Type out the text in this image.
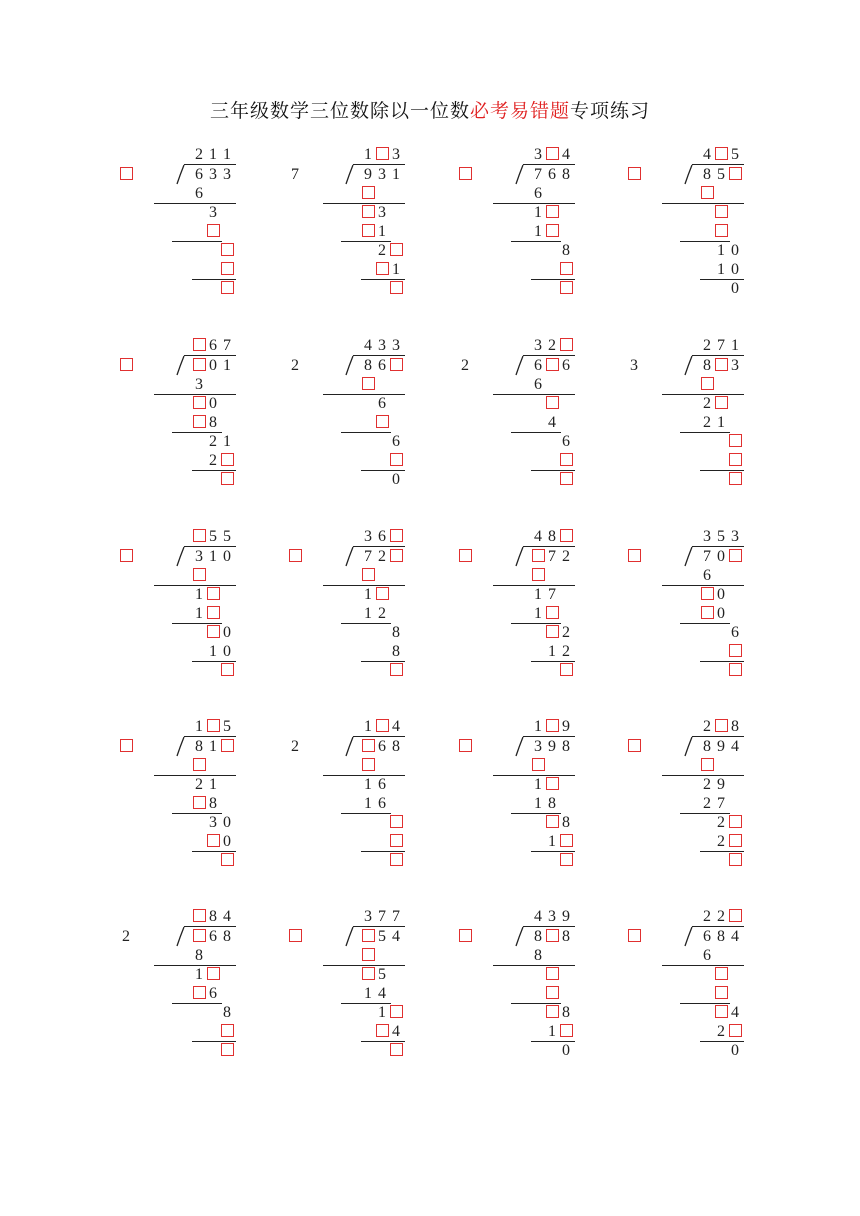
三年级数学三位数除以一位数必考易错题专项练习
2 1 1
6 3 3
6
3
1 3
7	9 3 1
3
1
2
1
3 4
7 6 8
6
1
1
8
4 5
8 5
1 0
1 0
0
6 7
0 1
3
0
8
2 1
2
4 3 3
2	8 6
6
6
0
3 2
2	6 6
6
4
6
2 7 1
3	8 3
2
2 1
5 5
3 1 0
1
1
0
1 0
3 6
7 2
1
1 2
8
8
4 8
7 2
1 7
1
2
1 2
3 5 3
7 0
6
0
0
6
1 5
8 1
2 1
8
3 0
0
1 4
2	6 8
1 6
1 6
1 9
3 9 8
1
1 8
8
1
2 8
8 9 4
2 9
2 7
2
2
8 4
2	6 8
8
1
6
8
3 7 7
5 4
5
1 4
1
4
4 3 9
8 8
8
8
1
0
2 2
6 8 4
6
4
2
0
